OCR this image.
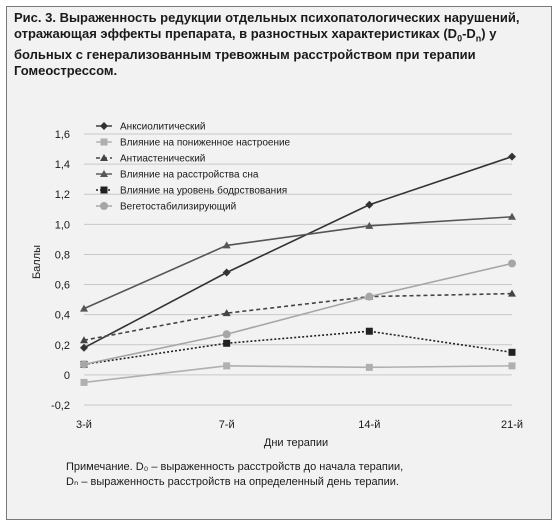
Рис. 3. Выраженность редукции отдельных психопатологических нарушений, отражающая эффекты препарата, в разностных характеристиках $(D_0-D_n)$ у больных с генерализованным тревожным расстройством при терапии Гомеострессом.

-0,2
0
0,2
0,4
0,6
0,8
1,0
1,2
1,4
1,6
3-й	7-й	14-й	21-й
Анксиолитический
Влияние на пониженное настроение
Антиастенический
Влияние на расстройства сна
Влияние на уровень бодрствования
Вегетостабилизирующий
Дни терапии
Баллы
Примечание. D₀ – выраженность расстройств до начала терапии,
Dₙ – выраженность расстройств на определенный день терапии.
